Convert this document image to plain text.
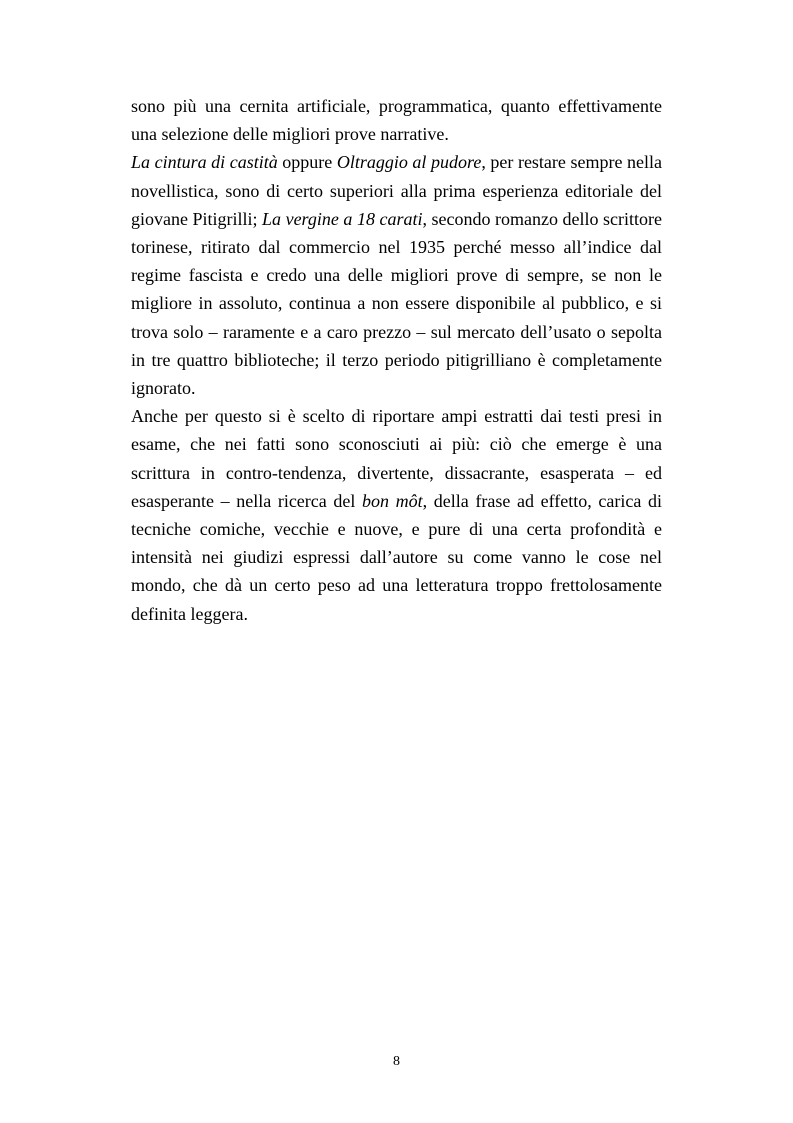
sono più una cernita artificiale, programmatica, quanto effettivamente una selezione delle migliori prove narrative.

La cintura di castità oppure Oltraggio al pudore, per restare sempre nella novellistica, sono di certo superiori alla prima esperienza editoriale del giovane Pitigrilli; La vergine a 18 carati, secondo romanzo dello scrittore torinese, ritirato dal commercio nel 1935 perché messo all’indice dal regime fascista e credo una delle migliori prove di sempre, se non le migliore in assoluto, continua a non essere disponibile al pubblico, e si trova solo – raramente e a caro prezzo – sul mercato dell’usato o sepolta in tre quattro biblioteche; il terzo periodo pitigrilliano è completamente ignorato.

Anche per questo si è scelto di riportare ampi estratti dai testi presi in esame, che nei fatti sono sconosciuti ai più: ciò che emerge è una scrittura in contro-tendenza, divertente, dissacrante, esasperata – ed esasperante – nella ricerca del bon môt, della frase ad effetto, carica di tecniche comiche, vecchie e nuove, e pure di una certa profondità e intensità nei giudizi espressi dall’autore su come vanno le cose nel mondo, che dà un certo peso ad una letteratura troppo frettolosamente definita leggera.

8
